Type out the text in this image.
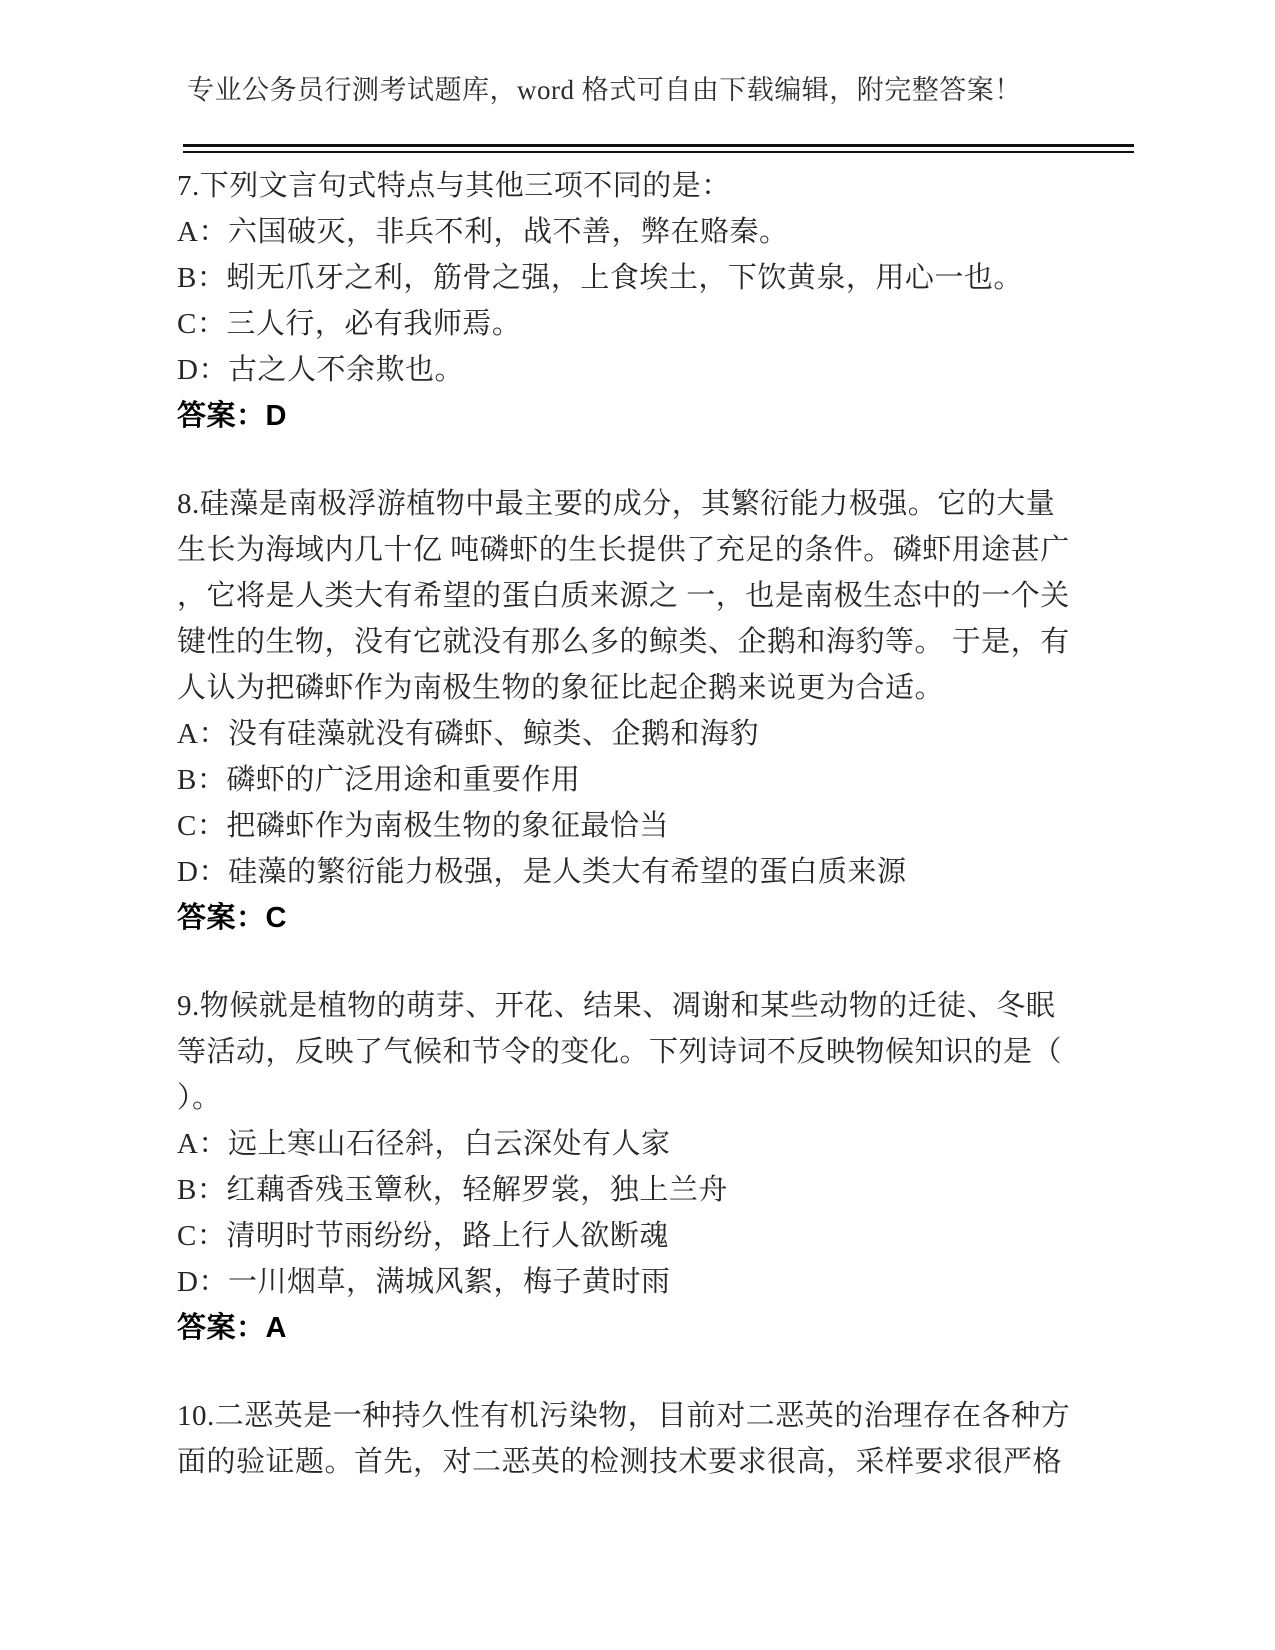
专业公务员行测考试题库，word 格式可自由下载编辑，附完整答案！
7.下列文言句式特点与其他三项不同的是：
A：六国破灭，非兵不利，战不善，弊在赂秦。
B：蚓无爪牙之利，筋骨之强，上食埃土，下饮黄泉，用心一也。
C：三人行，必有我师焉。
D：古之人不余欺也。
答案：D
8.硅藻是南极浮游植物中最主要的成分，其繁衍能力极强。它的大量
生长为海域内几十亿 吨磷虾的生长提供了充足的条件。磷虾用途甚广
，它将是人类大有希望的蛋白质来源之 一，也是南极生态中的一个关
键性的生物，没有它就没有那么多的鲸类、企鹅和海豹等。 于是，有
人认为把磷虾作为南极生物的象征比起企鹅来说更为合适。
A：没有硅藻就没有磷虾、鲸类、企鹅和海豹
B：磷虾的广泛用途和重要作用
C：把磷虾作为南极生物的象征最恰当
D：硅藻的繁衍能力极强，是人类大有希望的蛋白质来源
答案：C
9.物候就是植物的萌芽、开花、结果、凋谢和某些动物的迁徒、冬眠
等活动，反映了气候和节令的变化。下列诗词不反映物候知识的是（
）。
A：远上寒山石径斜，白云深处有人家
B：红藕香残玉簟秋，轻解罗裳，独上兰舟
C：清明时节雨纷纷，路上行人欲断魂
D：一川烟草，满城风絮，梅子黄时雨
答案：A
10.二恶英是一种持久性有机污染物，目前对二恶英的治理存在各种方
面的验证题。首先，对二恶英的检测技术要求很高，采样要求很严格
